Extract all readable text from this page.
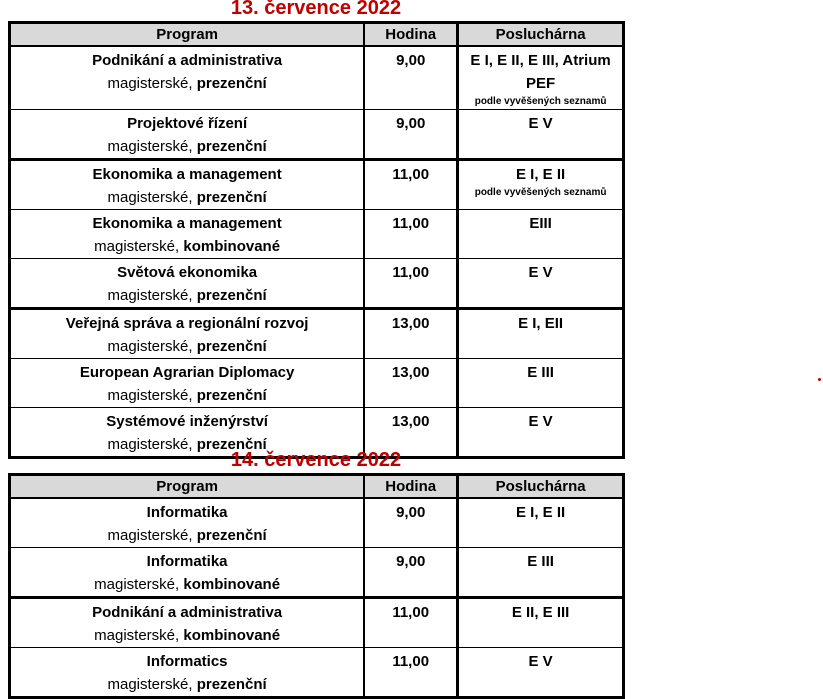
13. července 2022
Program	Hodina	Posluchárna
Podnikání a administrativa
magisterské, prezenční	9,00	E I, E II, E III, Atrium PEF
podle vyvěšených seznamů

Projektové řízení
magisterské, prezenční	9,00	E V
Ekonomika a management
magisterské, prezenční	11,00	E I, E II
podle vyvěšených seznamů

Ekonomika a management
magisterské, kombinované	11,00	EIII
Světová ekonomika
magisterské, prezenční	11,00	E V
Veřejná správa a regionální rozvoj
magisterské, prezenční	13,00	E I, EII
European Agrarian Diplomacy
magisterské, prezenční	13,00	E III
Systémové inženýrství
magisterské, prezenční	13,00	E V
14. července 2022
Program	Hodina	Posluchárna
Informatika
magisterské, prezenční	9,00	E I, E II
Informatika
magisterské, kombinované	9,00	E III
Podnikání a administrativa
magisterské, kombinované	11,00	E II, E III
Informatics
magisterské, prezenční	11,00	E V
